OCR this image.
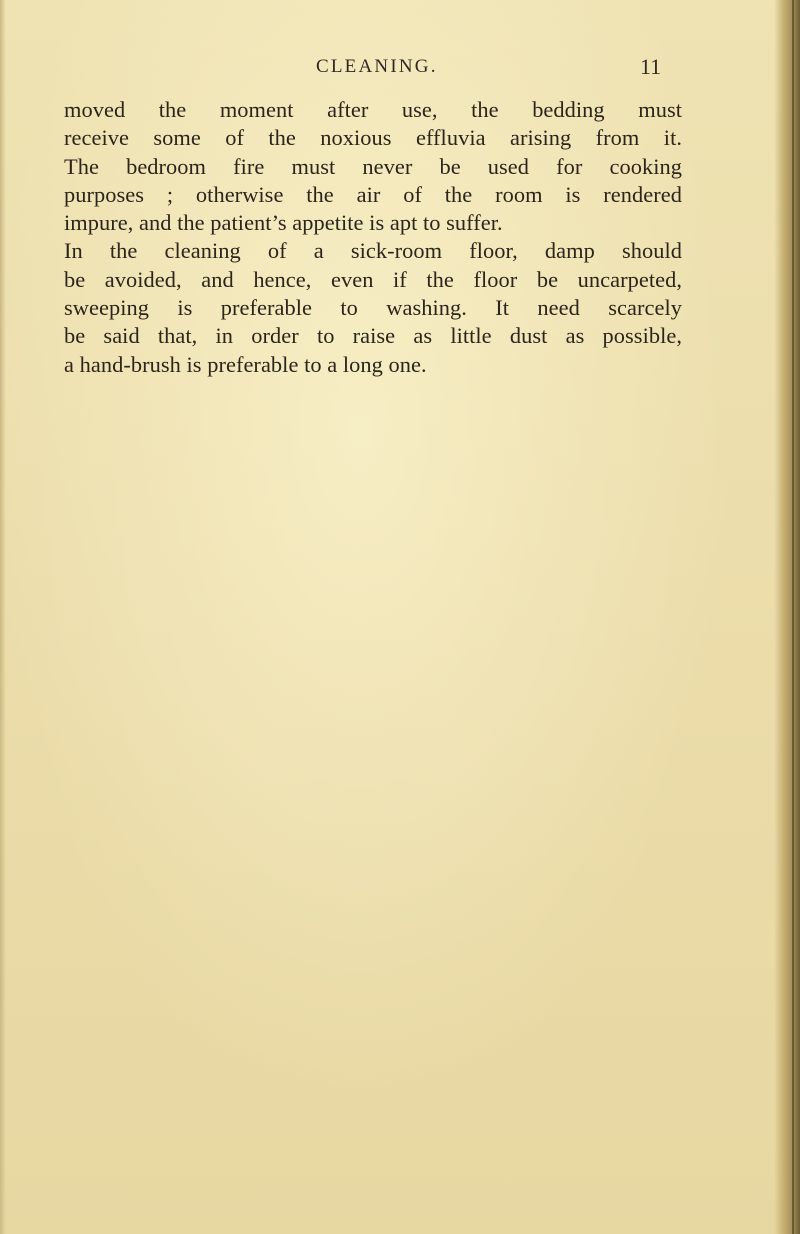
CLEANING.	11
moved the moment after use, the bedding must
receive some of the noxious effluvia arising from it.
The bedroom fire must never be used for cooking
purposes ; otherwise the air of the room is rendered
impure, and the patient’s appetite is apt to suffer.
In the cleaning of a sick-room floor, damp should
be avoided, and hence, even if the floor be uncarpeted,
sweeping is preferable to washing. It need scarcely
be said that, in order to raise as little dust as possible,
a hand-brush is preferable to a long one.
